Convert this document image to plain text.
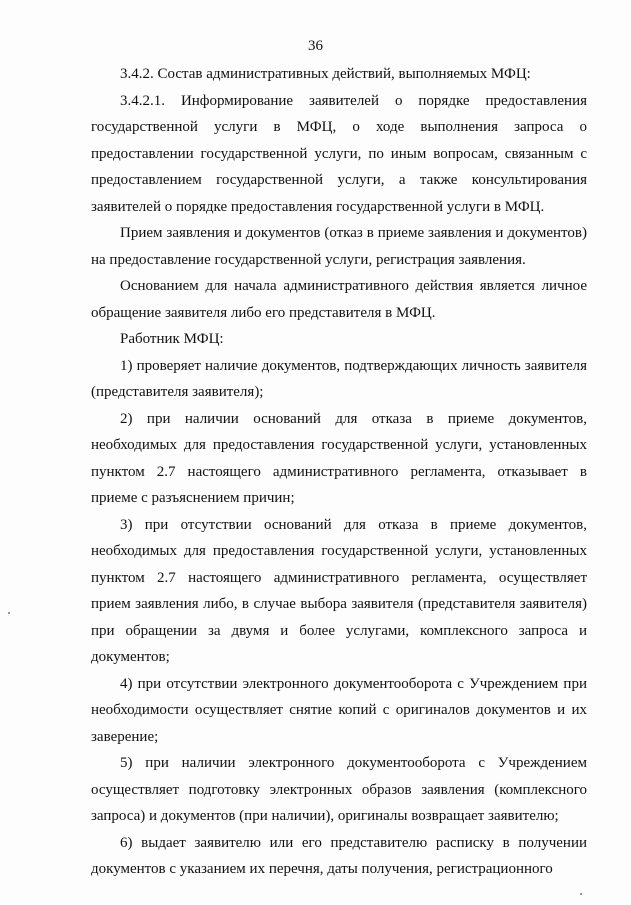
36

3.4.2. Состав административных действий, выполняемых МФЦ:

3.4.2.1. Информирование заявителей о порядке предоставления государственной услуги в МФЦ, о ходе выполнения запроса о предоставлении государственной услуги, по иным вопросам, связанным с предоставлением государственной услуги, а также консультирования заявителей о порядке предоставления государственной услуги в МФЦ.

Прием заявления и документов (отказ в приеме заявления и документов) на предоставление государственной услуги, регистрация заявления.

Основанием для начала административного действия является личное обращение заявителя либо его представителя в МФЦ.

Работник МФЦ:

1) проверяет наличие документов, подтверждающих личность заявителя (представителя заявителя);

2) при наличии оснований для отказа в приеме документов, необходимых для предоставления государственной услуги, установленных пунктом 2.7 настоящего административного регламента, отказывает в приеме с разъяснением причин;

3) при отсутствии оснований для отказа в приеме документов, необходимых для предоставления государственной услуги, установленных пунктом 2.7 настоящего административного регламента, осуществляет прием заявления либо, в случае выбора заявителя (представителя заявителя) при обращении за двумя и более услугами, комплексного запроса и документов;

4) при отсутствии электронного документооборота с Учреждением при необходимости осуществляет снятие копий с оригиналов документов и их заверение;

5) при наличии электронного документооборота с Учреждением осуществляет подготовку электронных образов заявления (комплексного запроса) и документов (при наличии), оригиналы возвращает заявителю;

6) выдает заявителю или его представителю расписку в получении документов с указанием их перечня, даты получения, регистрационного
